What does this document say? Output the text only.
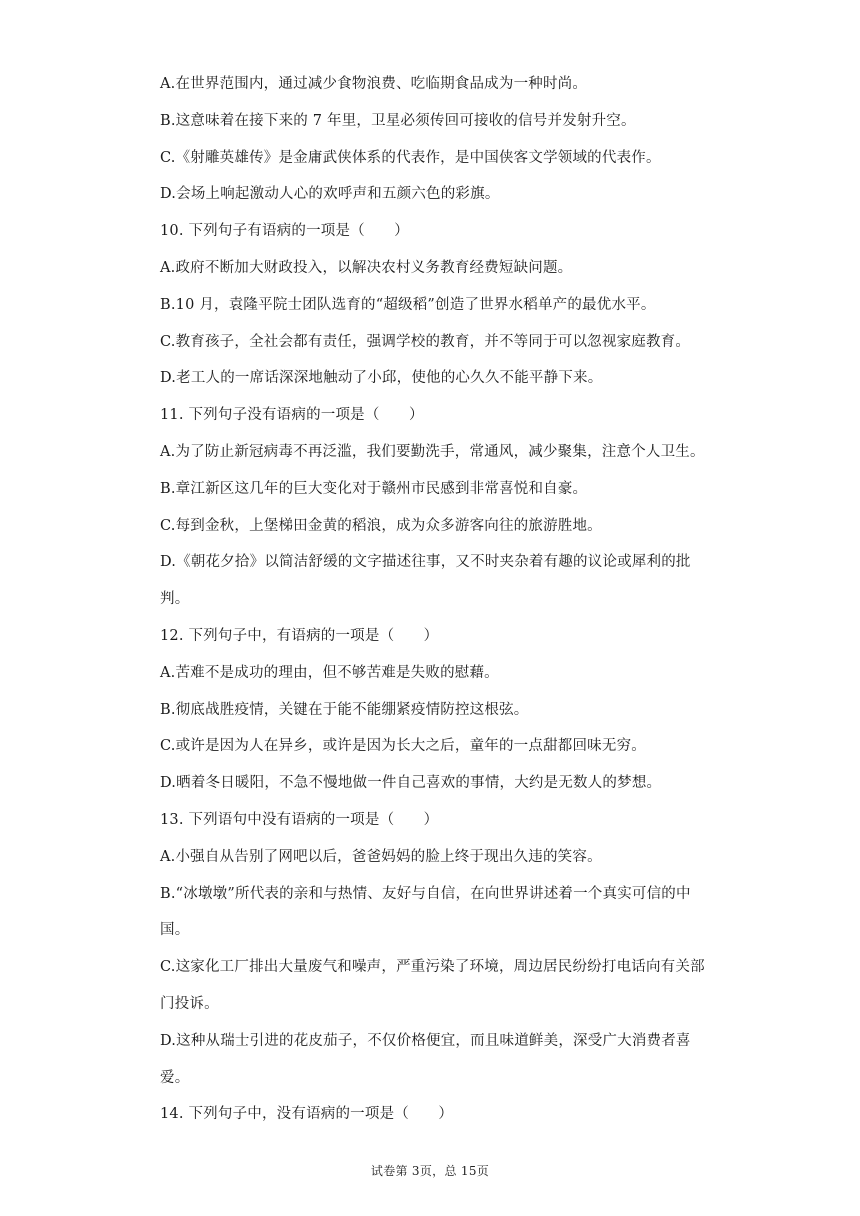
A.在世界范围内，通过减少食物浪费、吃临期食品成为一种时尚。
B.这意味着在接下来的 7 年里，卫星必须传回可接收的信号并发射升空。
C.《射雕英雄传》是金庸武侠体系的代表作，是中国侠客文学领域的代表作。
D.会场上响起激动人心的欢呼声和五颜六色的彩旗。
10. 下列句子有语病的一项是（　　）
A.政府不断加大财政投入，以解决农村义务教育经费短缺问题。
B.10 月，袁隆平院士团队选育的“超级稻”创造了世界水稻单产的最优水平。
C.教育孩子，全社会都有责任，强调学校的教育，并不等同于可以忽视家庭教育。
D.老工人的一席话深深地触动了小邱，使他的心久久不能平静下来。
11. 下列句子没有语病的一项是（　　）
A.为了防止新冠病毒不再泛滥，我们要勤洗手，常通风，减少聚集，注意个人卫生。
B.章江新区这几年的巨大变化对于赣州市民感到非常喜悦和自豪。
C.每到金秋，上堡梯田金黄的稻浪，成为众多游客向往的旅游胜地。
D.《朝花夕拾》以简洁舒缓的文字描述往事，又不时夹杂着有趣的议论或犀利的批
判。
12. 下列句子中，有语病的一项是（　　）
A.苦难不是成功的理由，但不够苦难是失败的慰藉。
B.彻底战胜疫情，关键在于能不能绷紧疫情防控这根弦。
C.或许是因为人在异乡，或许是因为长大之后，童年的一点甜都回味无穷。
D.晒着冬日暖阳，不急不慢地做一件自己喜欢的事情，大约是无数人的梦想。
13. 下列语句中没有语病的一项是（　　）
A.小强自从告别了网吧以后，爸爸妈妈的脸上终于现出久违的笑容。
B.“冰墩墩”所代表的亲和与热情、友好与自信，在向世界讲述着一个真实可信的中
国。
C.这家化工厂排出大量废气和噪声，严重污染了环境，周边居民纷纷打电话向有关部
门投诉。
D.这种从瑞士引进的花皮茄子，不仅价格便宜，而且味道鲜美，深受广大消费者喜
爱。
14. 下列句子中，没有语病的一项是（　　）
试卷第 3页，总 15页
